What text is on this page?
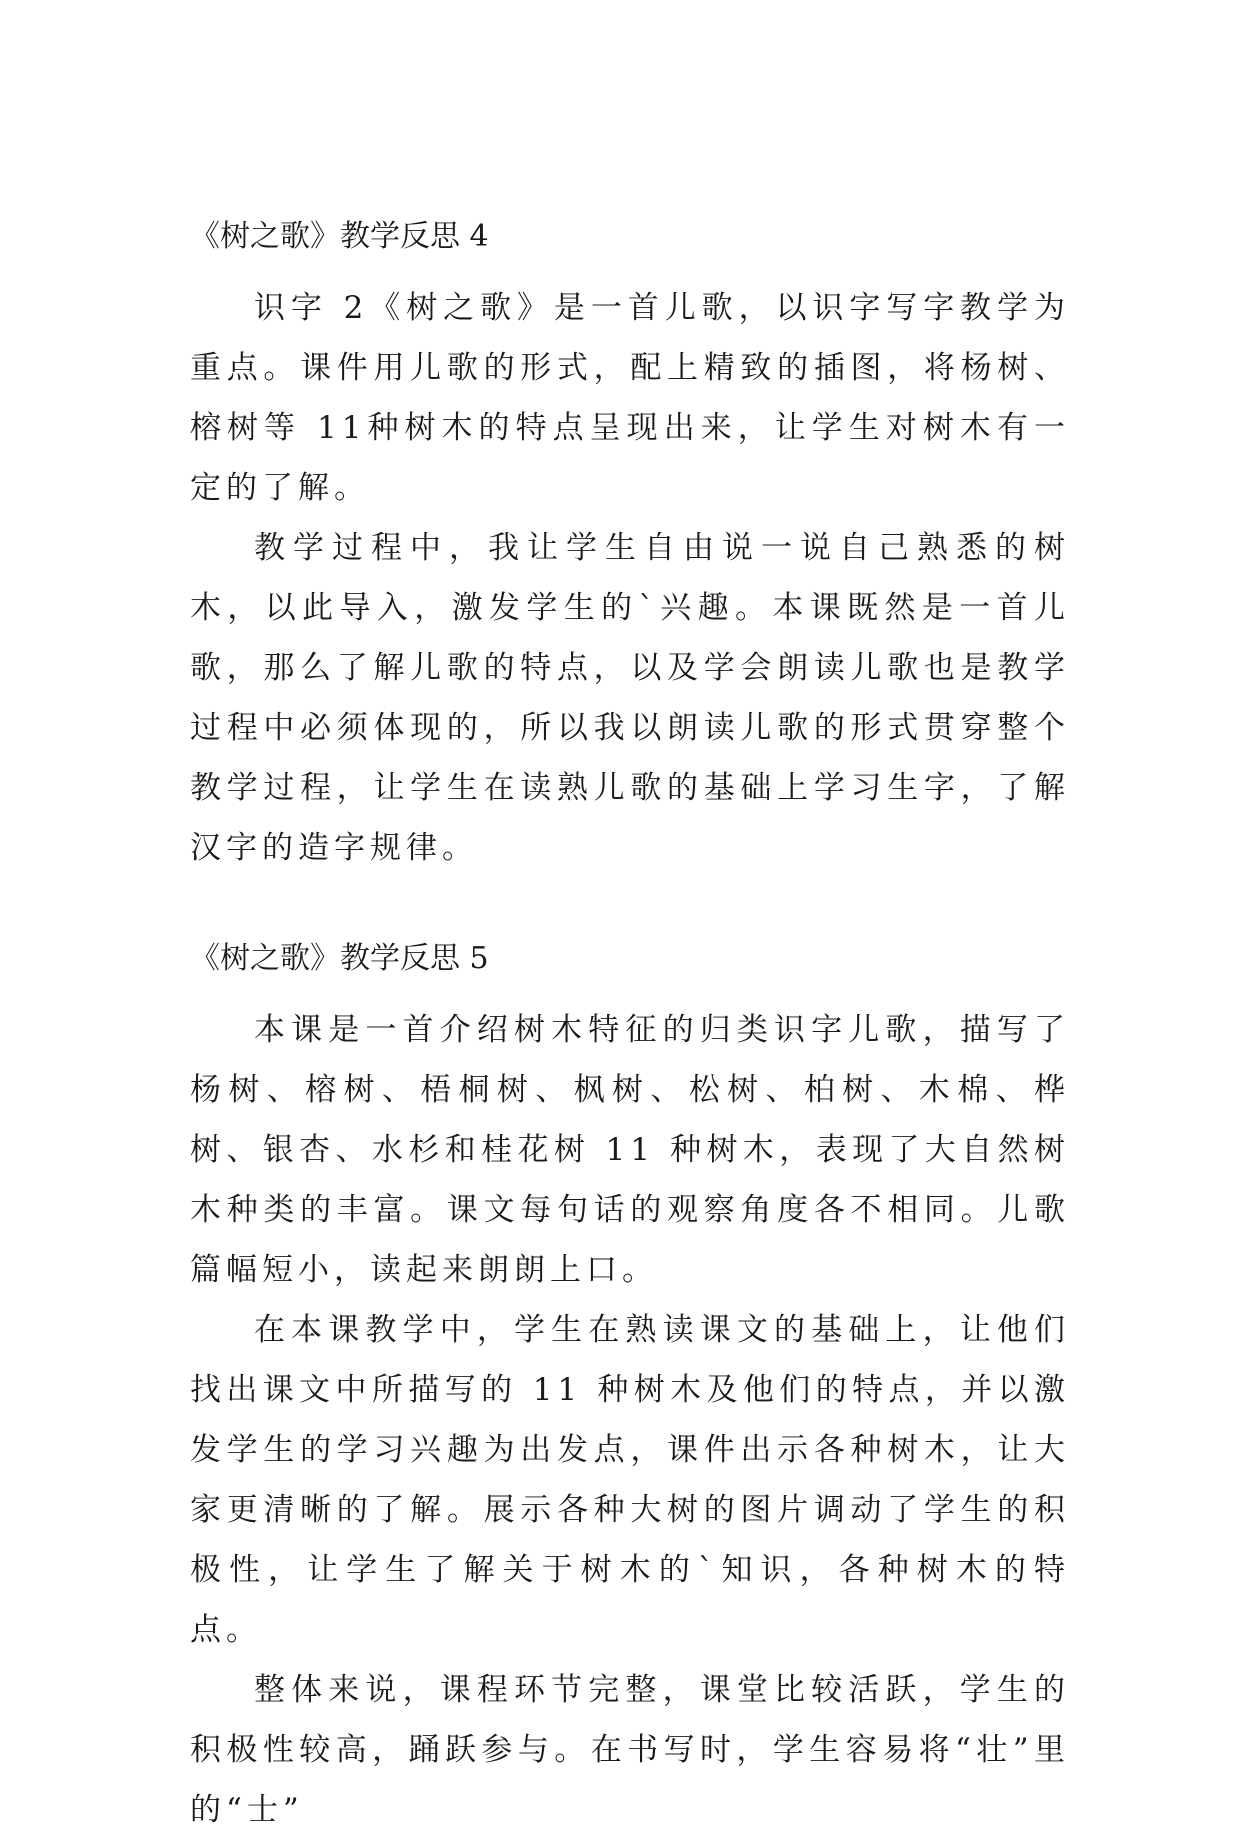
《树之歌》教学反思 4

识字 2《树之歌》是一首儿歌，以识字写字教学为重点。课件用儿歌的形式，配上精致的插图，将杨树、榕树等 11种树木的特点呈现出来，让学生对树木有一定的了解。

教学过程中，我让学生自由说一说自己熟悉的树木，以此导入，激发学生的`兴趣。本课既然是一首儿歌，那么了解儿歌的特点，以及学会朗读儿歌也是教学过程中必须体现的，所以我以朗读儿歌的形式贯穿整个教学过程，让学生在读熟儿歌的基础上学习生字，了解汉字的造字规律。

《树之歌》教学反思 5

本课是一首介绍树木特征的归类识字儿歌，描写了杨树、榕树、梧桐树、枫树、松树、柏树、木棉、桦树、银杏、水杉和桂花树 11 种树木，表现了大自然树木种类的丰富。课文每句话的观察角度各不相同。儿歌篇幅短小，读起来朗朗上口。

在本课教学中，学生在熟读课文的基础上，让他们找出课文中所描写的 11 种树木及他们的特点，并以激发学生的学习兴趣为出发点，课件出示各种树木，让大家更清晰的了解。展示各种大树的图片调动了学生的积极性，让学生了解关于树木的`知识，各种树木的特点。

整体来说，课程环节完整，课堂比较活跃，学生的积极性较高，踊跃参与。在书写时，学生容易将“壮”里的“士”
